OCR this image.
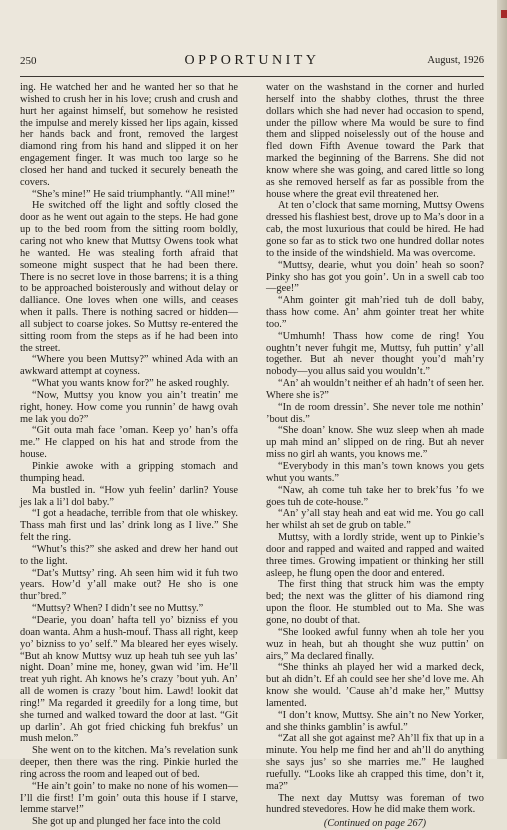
250	OPPORTUNITY	August, 1926

ing. He watched her and he wanted her so that he wished to crush her in his love; crush and crush and hurt her against himself, but somehow he resisted the impulse and merely kissed her lips again, kissed her hands back and front, removed the largest diamond ring from his hand and slipped it on her engagement finger. It was much too large so he closed her hand and tucked it securely beneath the covers.

“She’s mine!” He said triumphantly. “All mine!”

He switched off the light and softly closed the door as he went out again to the steps. He had gone up to the bed room from the sitting room boldly, caring not who knew that Muttsy Owens took what he wanted. He was stealing forth afraid that someone might suspect that he had been there. There is no secret love in those barrens; it is a thing to be approached boisterously and without delay or dalliance. One loves when one wills, and ceases when it palls. There is nothing sacred or hidden—all subject to coarse jokes. So Muttsy re-entered the sitting room from the steps as if he had been into the street.

“Where you been Muttsy?” whined Ada with an awkward attempt at coyness.

“What you wants know for?” he asked roughly.

“Now, Muttsy you know you ain’t treatin’ me right, honey. How come you runnin’ de hawg ovah me lak you do?”

“Git outa mah face ’oman. Keep yo’ han’s offa me.” He clapped on his hat and strode from the house.

Pinkie awoke with a gripping stomach and thumping head.

Ma bustled in. “How yuh feelin’ darlin? Youse jes lak a li’l dol baby.”

“I got a headache, terrible from that ole whiskey. Thass mah first und las’ drink long as I live.” She felt the ring.

“Whut’s this?” she asked and drew her hand out to the light.

“Dat’s Muttsy’ ring. Ah seen him wid it fuh two years. How’d y’all make out? He sho is one thur’bred.”

“Muttsy? When? I didn’t see no Muttsy.”

“Dearie, you doan’ hafta tell yo’ bizniss ef you doan wanta. Ahm a hush-mouf. Thass all right, keep yo’ bizniss to yo’ self.” Ma bleared her eyes wisely. “But ah know Muttsy wuz up heah tuh see yuh las’ night. Doan’ mine me, honey, gwan wid ’im. He’ll treat yuh right. Ah knows he’s crazy ’bout yuh. An’ all de women is crazy ’bout him. Lawd! lookit dat ring!” Ma regarded it greedily for a long time, but she turned and walked toward the door at last. “Git up darlin’. Ah got fried chicking fuh brekfus’ un mush melon.”

She went on to the kitchen. Ma’s revelation sunk deeper, then there was the ring. Pinkie hurled the ring across the room and leaped out of bed.

“He ain’t goin’ to make no none of his women—I’ll die first! I’m goin’ outa this house if I starve, lemme starve!”

She got up and plunged her face into the cold

water on the washstand in the corner and hurled herself into the shabby clothes, thrust the three dollars which she had never had occasion to spend, under the pillow where Ma would be sure to find them and slipped noiselessly out of the house and fled down Fifth Avenue toward the Park that marked the beginning of the Barrens. She did not know where she was going, and cared little so long as she removed herself as far as possible from the house where the great evil threatened her.

At ten o’clock that same morning, Muttsy Owens dressed his flashiest best, drove up to Ma’s door in a cab, the most luxurious that could be hired. He had gone so far as to stick two one hundred dollar notes to the inside of the windshield. Ma was overcome.

“Muttsy, dearie, whut you doin’ heah so soon? Pinky sho has got you goin’. Un in a swell cab too—gee!”

“Ahm gointer git mah’ried tuh de doll baby, thass how come. An’ ahm gointer treat her white too.”

“Umhumh! Thass how come de ring! You oughtn’t never fuhgit me, Muttsy, fuh puttin’ y’all together. But ah never thought you’d mah’ry nobody—you allus said you wouldn’t.”

“An’ ah wouldn’t neither ef ah hadn’t of seen her. Where she is?”

“In de room dressin’. She never tole me nothin’ ’bout dis.”

“She doan’ know. She wuz sleep when ah made up mah mind an’ slipped on de ring. But ah never miss no girl ah wants, you knows me.”

“Everybody in this man’s town knows you gets whut you wants.”

“Naw, ah come tuh take her to brek’fus ’fo we goes tuh de cote-house.”

“An’ y’all stay heah and eat wid me. You go call her whilst ah set de grub on table.”

Muttsy, with a lordly stride, went up to Pinkie’s door and rapped and waited and rapped and waited three times. Growing impatient or thinking her still asleep, he flung open the door and entered.

The first thing that struck him was the empty bed; the next was the glitter of his diamond ring upon the floor. He stumbled out to Ma. She was gone, no doubt of that.

“She looked awful funny when ah tole her you wuz in heah, but ah thought she wuz puttin’ on airs,” Ma declared finally.

“She thinks ah played her wid a marked deck, but ah didn’t. Ef ah could see her she’d love me. Ah know she would. ’Cause ah’d make her,” Muttsy lamented.

“I don’t know, Muttsy. She ain’t no New Yorker, and she thinks gamblin’ is awful.”

“Zat all she got against me? Ah’ll fix that up in a minute. You help me find her and ah’ll do anything she says jus’ so she marries me.” He laughed ruefully. “Looks like ah crapped this time, don’t it, ma?”

The next day Muttsy was foreman of two hundred stevedores. How he did make them work.

(Continued on page 267)
